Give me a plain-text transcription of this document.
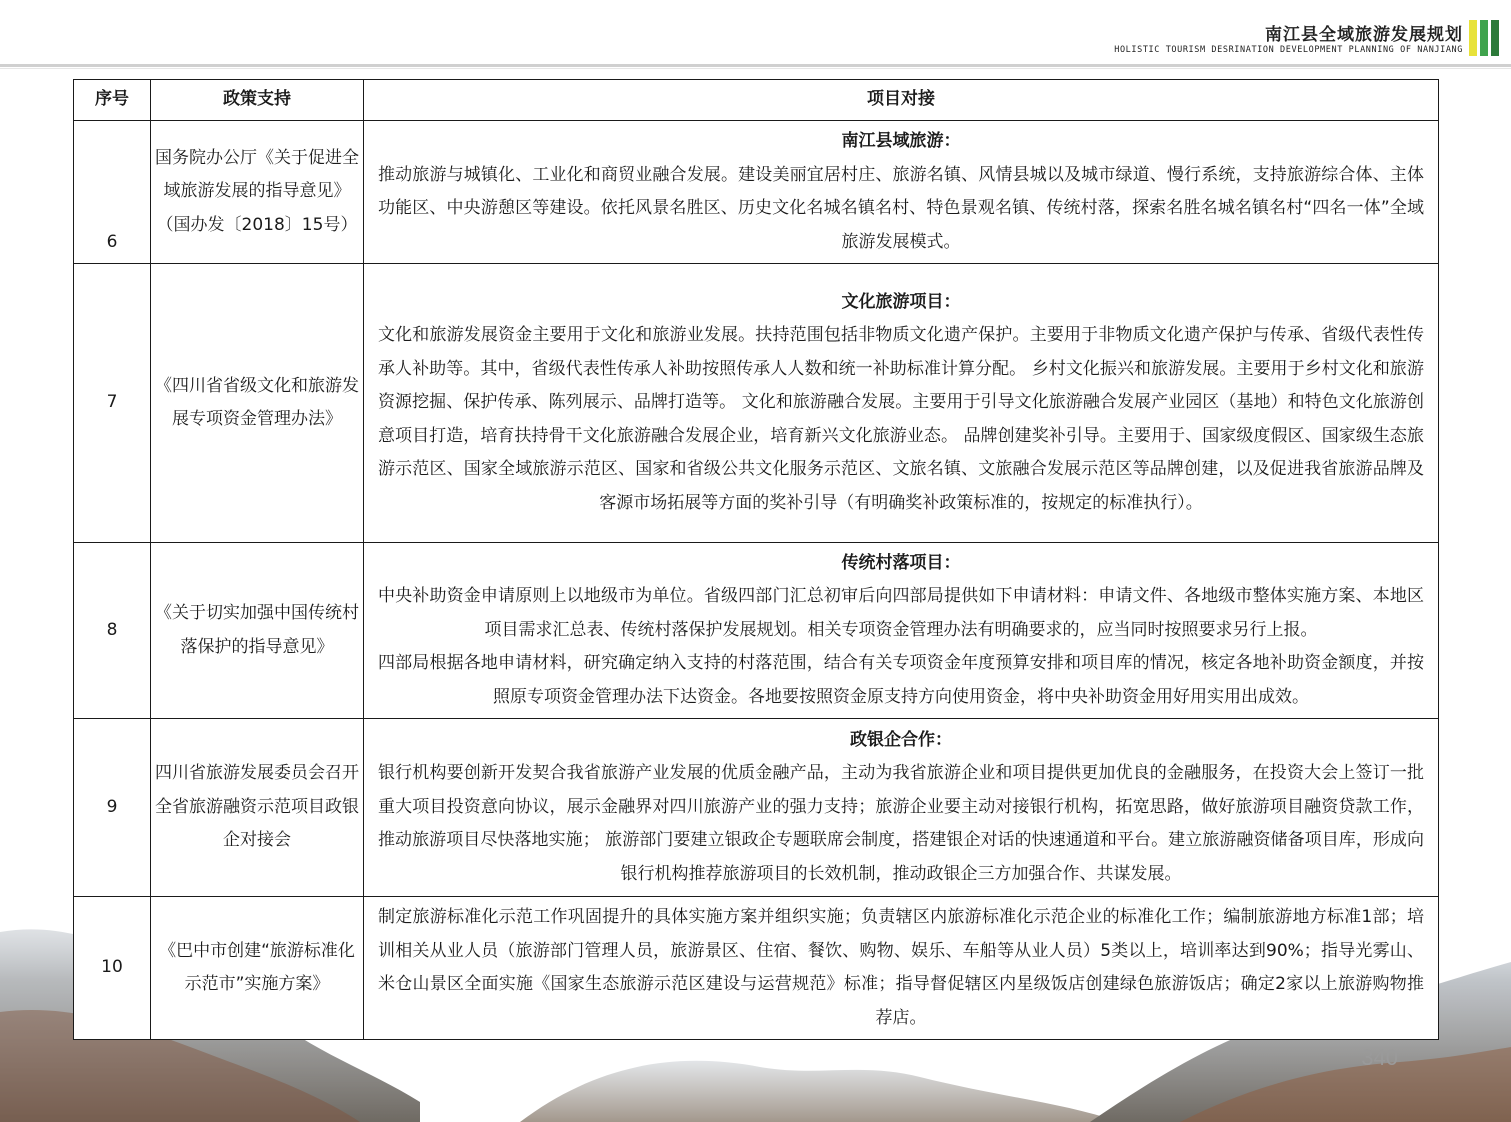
南江县全域旅游发展规划
HOLISTIC TOURISM DESRINATION DEVELOPMENT PLANNING OF NANJIANG
序号	政策支持	项目对接
6	国务院办公厅《关于促进全域旅游发展的指导意见》（国办发〔2018〕15号）	南江县域旅游：
推动旅游与城镇化、工业化和商贸业融合发展。建设美丽宜居村庄、旅游名镇、风情县城以及城市绿道、慢行系统，支持旅游综合体、主体功能区、中央游憩区等建设。依托风景名胜区、历史文化名城名镇名村、特色景观名镇、传统村落，探索名胜名城名镇名村“四名一体”全域旅游发展模式。

7	《四川省省级文化和旅游发展专项资金管理办法》	文化旅游项目：
文化和旅游发展资金主要用于文化和旅游业发展。扶持范围包括非物质文化遗产保护。主要用于非物质文化遗产保护与传承、省级代表性传承人补助等。其中，省级代表性传承人补助按照传承人人数和统一补助标准计算分配。 乡村文化振兴和旅游发展。主要用于乡村文化和旅游资源挖掘、保护传承、陈列展示、品牌打造等。 文化和旅游融合发展。主要用于引导文化旅游融合发展产业园区（基地）和特色文化旅游创意项目打造，培育扶持骨干文化旅游融合发展企业，培育新兴文化旅游业态。 品牌创建奖补引导。主要用于、国家级度假区、国家级生态旅游示范区、国家全域旅游示范区、国家和省级公共文化服务示范区、文旅名镇、文旅融合发展示范区等品牌创建，以及促进我省旅游品牌及客源市场拓展等方面的奖补引导（有明确奖补政策标准的，按规定的标准执行）。

8	《关于切实加强中国传统村落保护的指导意见》	传统村落项目：
中央补助资金申请原则上以地级市为单位。省级四部门汇总初审后向四部局提供如下申请材料：申请文件、各地级市整体实施方案、本地区项目需求汇总表、传统村落保护发展规划。相关专项资金管理办法有明确要求的，应当同时按照要求另行上报。
四部局根据各地申请材料，研究确定纳入支持的村落范围，结合有关专项资金年度预算安排和项目库的情况，核定各地补助资金额度，并按照原专项资金管理办法下达资金。各地要按照资金原支持方向使用资金，将中央补助资金用好用实用出成效。

9	四川省旅游发展委员会召开全省旅游融资示范项目政银企对接会	政银企合作：
银行机构要创新开发契合我省旅游产业发展的优质金融产品，主动为我省旅游企业和项目提供更加优良的金融服务，在投资大会上签订一批重大项目投资意向协议，展示金融界对四川旅游产业的强力支持；旅游企业要主动对接银行机构，拓宽思路，做好旅游项目融资贷款工作，推动旅游项目尽快落地实施； 旅游部门要建立银政企专题联席会制度，搭建银企对话的快速通道和平台。建立旅游融资储备项目库，形成向银行机构推荐旅游项目的长效机制，推动政银企三方加强合作、共谋发展。

10	《巴中市创建“旅游标准化示范市”实施方案》	制定旅游标准化示范工作巩固提升的具体实施方案并组织实施；负责辖区内旅游标准化示范企业的标准化工作；编制旅游地方标准1部；培训相关从业人员（旅游部门管理人员，旅游景区、住宿、餐饮、购物、娱乐、车船等从业人员）5类以上，培训率达到90%；指导光雾山、米仓山景区全面实施《国家生态旅游示范区建设与运营规范》标准；指导督促辖区内星级饭店创建绿色旅游饭店；确定2家以上旅游购物推荐店。
340
